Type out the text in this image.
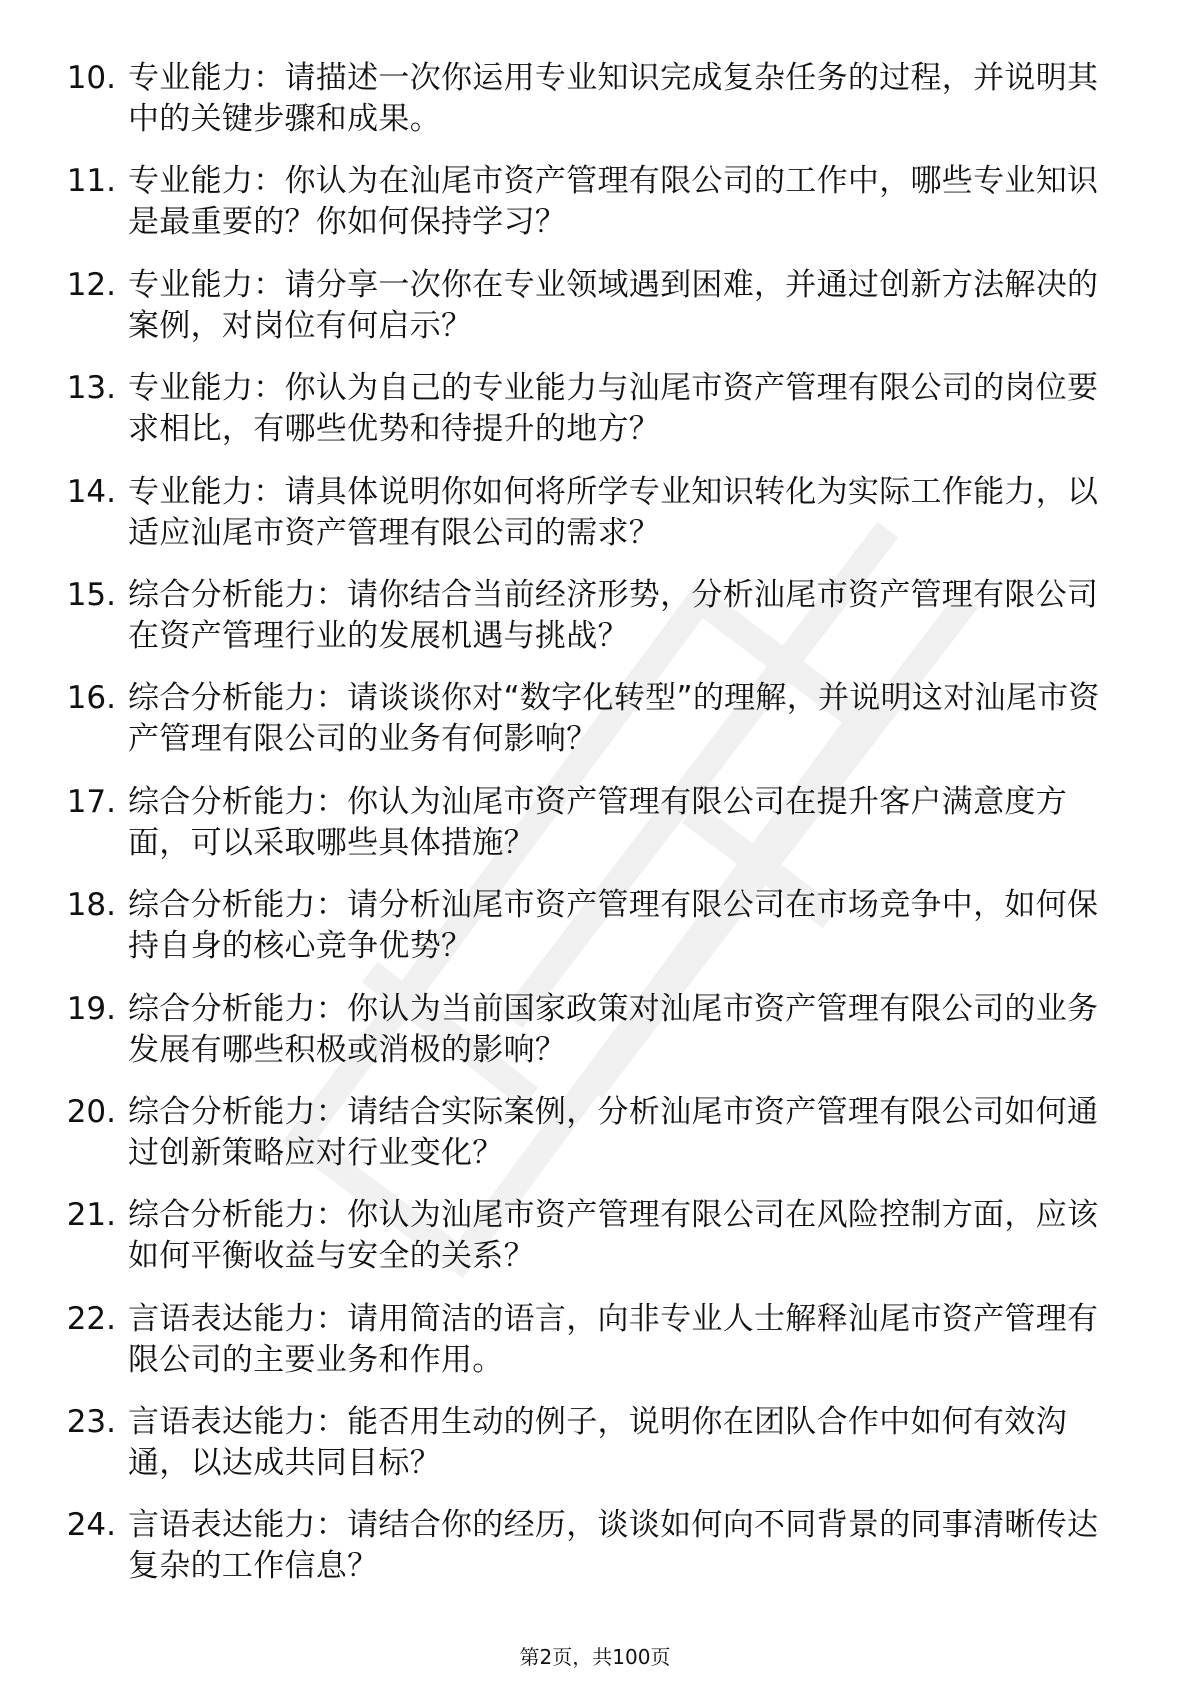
10. 专业能力：请描述一次你运用专业知识完成复杂任务的过程，并说明其中的关键步骤和成果。
11. 专业能力：你认为在汕尾市资产管理有限公司的工作中，哪些专业知识是最重要的？你如何保持学习？
12. 专业能力：请分享一次你在专业领域遇到困难，并通过创新方法解决的案例，对岗位有何启示？
13. 专业能力：你认为自己的专业能力与汕尾市资产管理有限公司的岗位要求相比，有哪些优势和待提升的地方？
14. 专业能力：请具体说明你如何将所学专业知识转化为实际工作能力，以适应汕尾市资产管理有限公司的需求？
15. 综合分析能力：请你结合当前经济形势，分析汕尾市资产管理有限公司在资产管理行业的发展机遇与挑战？
16. 综合分析能力：请谈谈你对“数字化转型”的理解，并说明这对汕尾市资产管理有限公司的业务有何影响？
17. 综合分析能力：你认为汕尾市资产管理有限公司在提升客户满意度方面，可以采取哪些具体措施？
18. 综合分析能力：请分析汕尾市资产管理有限公司在市场竞争中，如何保持自身的核心竞争优势？
19. 综合分析能力：你认为当前国家政策对汕尾市资产管理有限公司的业务发展有哪些积极或消极的影响？
20. 综合分析能力：请结合实际案例，分析汕尾市资产管理有限公司如何通过创新策略应对行业变化？
21. 综合分析能力：你认为汕尾市资产管理有限公司在风险控制方面，应该如何平衡收益与安全的关系？
22. 言语表达能力：请用简洁的语言，向非专业人士解释汕尾市资产管理有限公司的主要业务和作用。
23. 言语表达能力：能否用生动的例子，说明你在团队合作中如何有效沟通，以达成共同目标？
24. 言语表达能力：请结合你的经历，谈谈如何向不同背景的同事清晰传达复杂的工作信息？
第2页，共100页
